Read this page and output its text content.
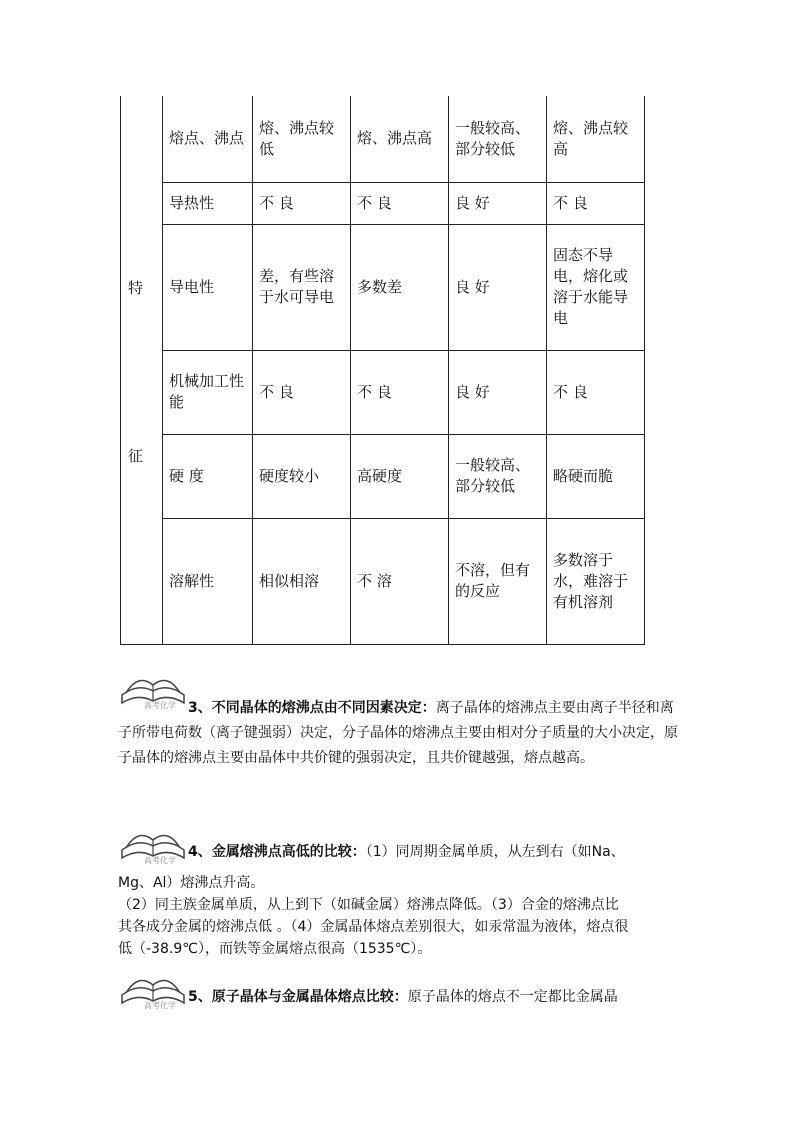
	熔点、沸点	熔、沸点较低	熔、沸点高	一般较高、部分较低	熔、沸点较高
	导热性	不 良	不 良	良 好	不 良
	导电性	差，有些溶于水可导电	多数差	良 好	固态不导电，熔化或溶于水能导电
	机械加工性能	不 良	不 良	良 好	不 良
	硬 度	硬度较小	高硬度	一般较高、部分较低	略硬而脆
	溶解性	相似相溶	不 溶	不溶，但有的反应	多数溶于水，难溶于有机溶剂
特
征
高考化学
高考化学
高考化学
3、不同晶体的熔沸点由不同因素决定：离子晶体的熔沸点主要由离子半径和离子所带电荷数（离子键强弱）决定，分子晶体的熔沸点主要由相对分子质量的大小决定，原子晶体的熔沸点主要由晶体中共价键的强弱决定，且共价键越强，熔点越高。
4、金属熔沸点高低的比较：（1）同周期金属单质，从左到右（如Na、
Mg、Al）熔沸点升高。
（2）同主族金属单质，从上到下（如碱金属）熔沸点降低。（3）合金的熔沸点比
其各成分金属的熔沸点低 。（4）金属晶体熔点差别很大，如汞常温为液体，熔点很
低（-38.9℃），而铁等金属熔点很高（1535℃）。
5、原子晶体与金属晶体熔点比较：原子晶体的熔点不一定都比金属晶
